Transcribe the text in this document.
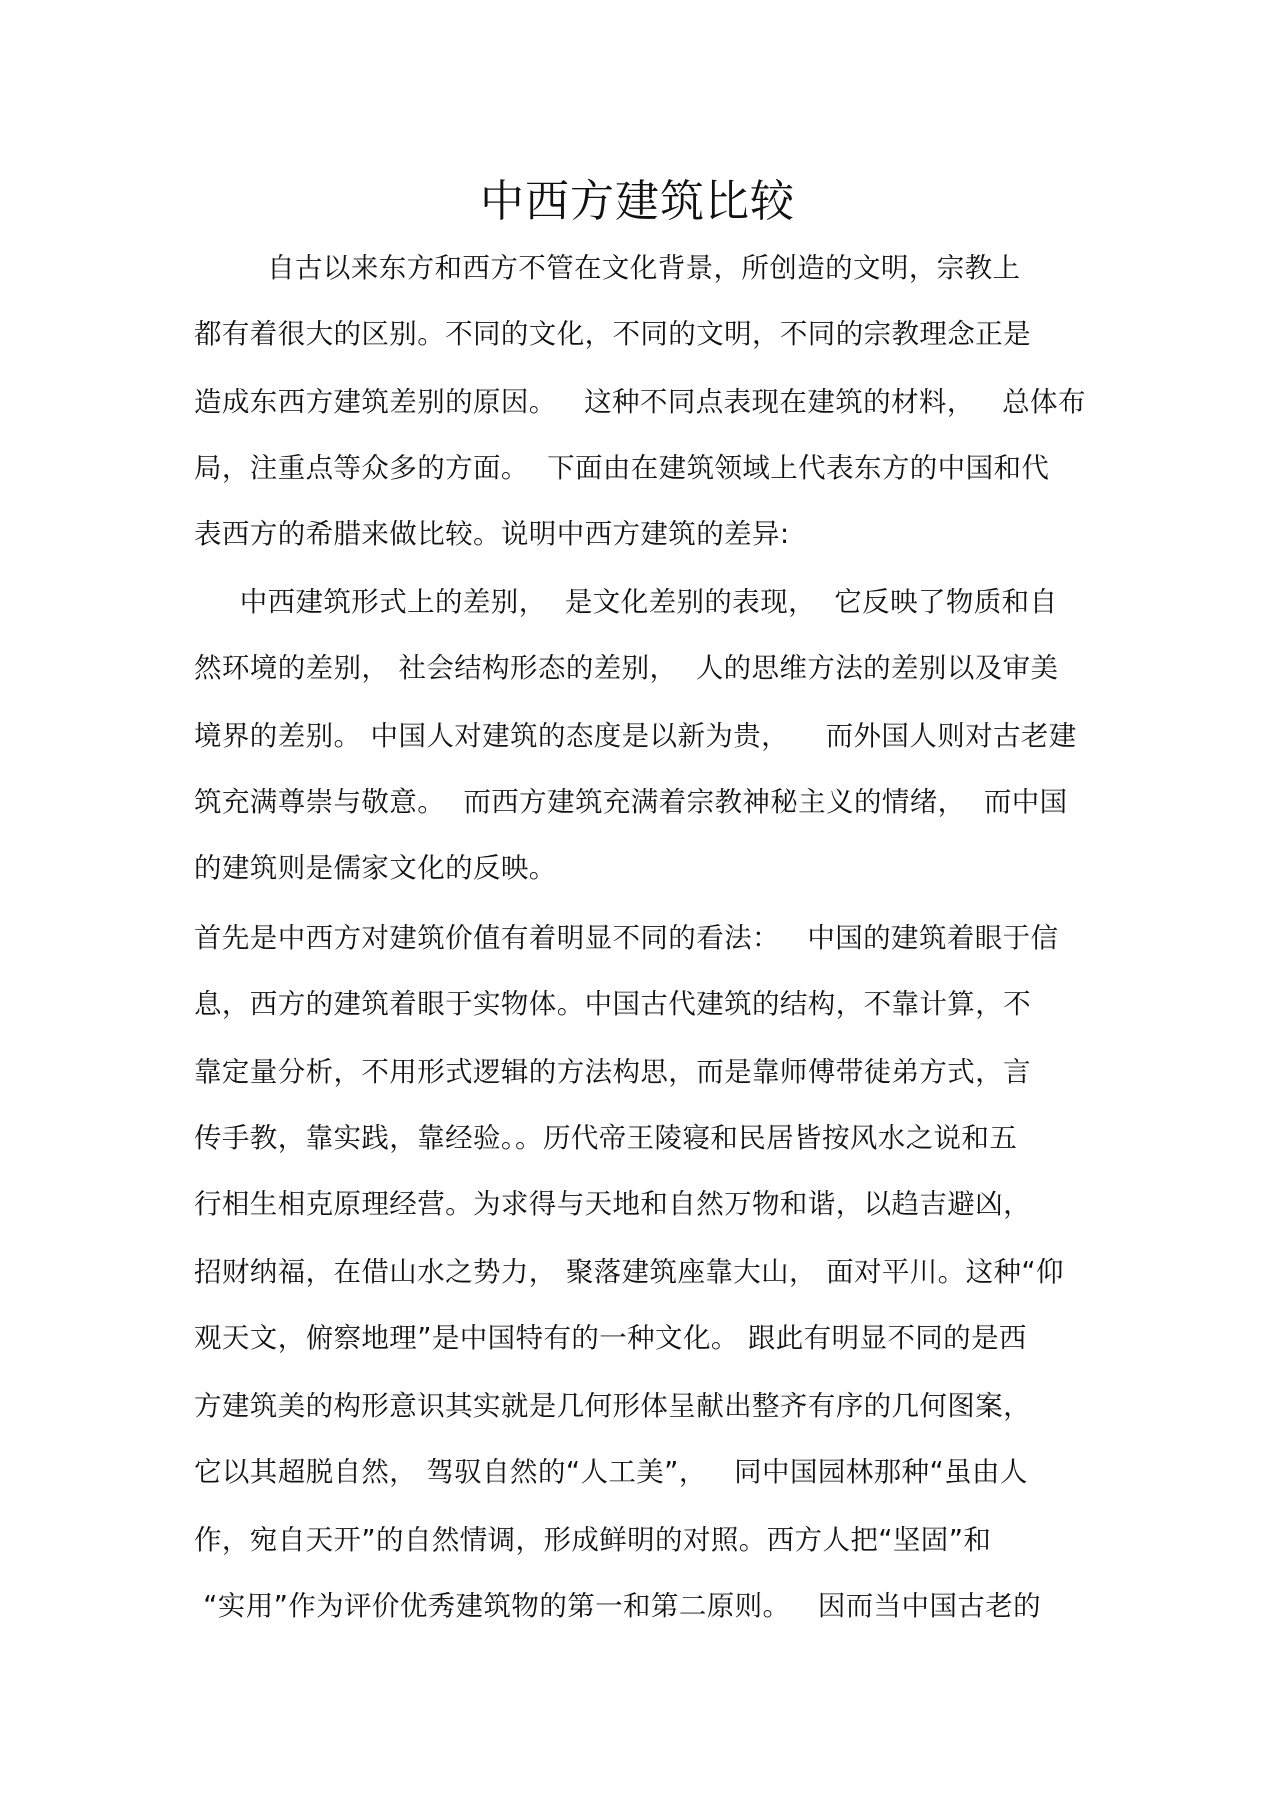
中西方建筑比较
自古以来东方和西方不管在文化背景，所创造的文明，宗教上
都有着很大的区别。不同的文化，不同的文明，不同的宗教理念正是
造成东西方建筑差别的原因。   这种不同点表现在建筑的材料，   总体布
局，注重点等众多的方面。  下面由在建筑领域上代表东方的中国和代
表西方的希腊来做比较。说明中西方建筑的差异:
中西建筑形式上的差别，  是文化差别的表现，  它反映了物质和自
然环境的差别， 社会结构形态的差别，  人的思维方法的差别以及审美
境界的差别。 中国人对建筑的态度是以新为贵，    而外国人则对古老建
筑充满尊崇与敬意。  而西方建筑充满着宗教神秘主义的情绪，  而中国
的建筑则是儒家文化的反映。
首先是中西方对建筑价值有着明显不同的看法：   中国的建筑着眼于信
息，西方的建筑着眼于实物体。中国古代建筑的结构，不靠计算，不
靠定量分析，不用形式逻辑的方法构思，而是靠师傅带徒弟方式，言
传手教，靠实践，靠经验。。历代帝王陵寝和民居皆按风水之说和五
行相生相克原理经营。为求得与天地和自然万物和谐，以趋吉避凶，
招财纳福，在借山水之势力， 聚落建筑座靠大山， 面对平川。这种“仰
观天文，俯察地理”是中国特有的一种文化。 跟此有明显不同的是西
方建筑美的构形意识其实就是几何形体呈献出整齐有序的几何图案，
它以其超脱自然， 驾驭自然的“人工美”，   同中国园林那种“虽由人
作，宛自天开”的自然情调，形成鲜明的对照。西方人把“坚固”和
“实用”作为评价优秀建筑物的第一和第二原则。   因而当中国古老的
